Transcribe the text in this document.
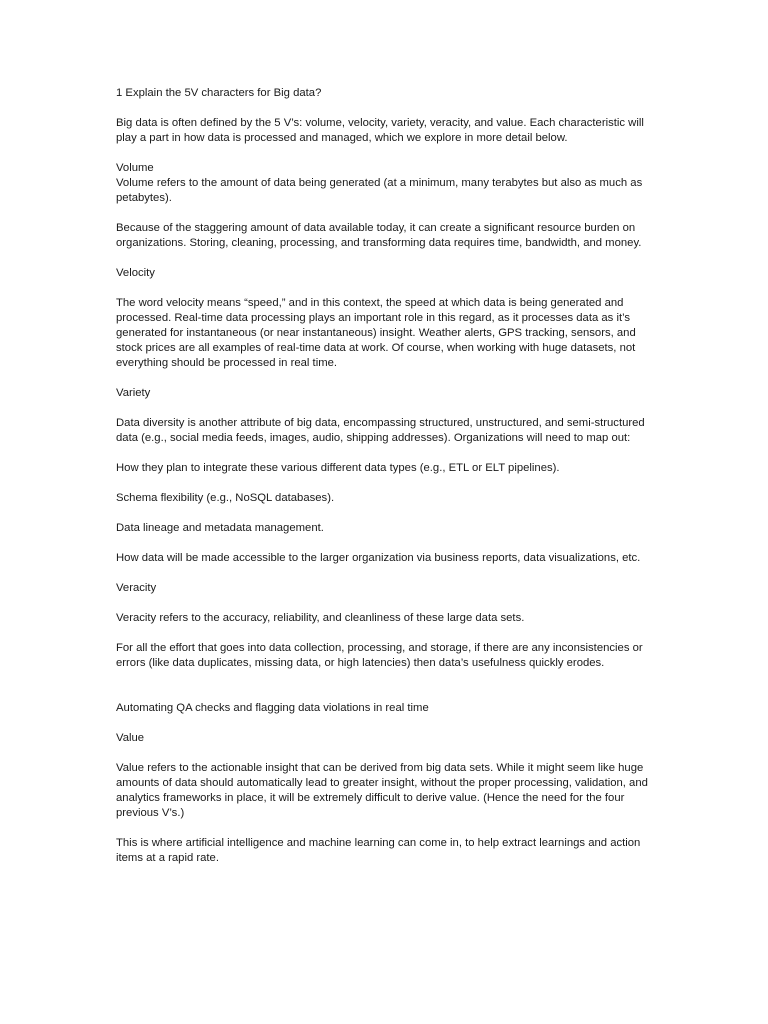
1 Explain the 5V characters for Big data?

Big data is often defined by the 5 V’s: volume, velocity, variety, veracity, and value. Each characteristic will play a part in how data is processed and managed, which we explore in more detail below.

Volume

Volume refers to the amount of data being generated (at a minimum, many terabytes but also as much as petabytes).

Because of the staggering amount of data available today, it can create a significant resource burden on organizations. Storing, cleaning, processing, and transforming data requires time, bandwidth, and money.

Velocity

The word velocity means “speed,” and in this context, the speed at which data is being generated and processed. Real-time data processing plays an important role in this regard, as it processes data as it’s generated for instantaneous (or near instantaneous) insight. Weather alerts, GPS tracking, sensors, and stock prices are all examples of real-time data at work. Of course, when working with huge datasets, not everything should be processed in real time.

Variety

Data diversity is another attribute of big data, encompassing structured, unstructured, and semi-structured data (e.g., social media feeds, images, audio, shipping addresses). Organizations will need to map out:

How they plan to integrate these various different data types (e.g., ETL or ELT pipelines).

Schema flexibility (e.g., NoSQL databases).

Data lineage and metadata management.

How data will be made accessible to the larger organization via business reports, data visualizations, etc.

Veracity

Veracity refers to the accuracy, reliability, and cleanliness of these large data sets.

For all the effort that goes into data collection, processing, and storage, if there are any inconsistencies or errors (like data duplicates, missing data, or high latencies) then data’s usefulness quickly erodes.

Automating QA checks and flagging data violations in real time

Value

Value refers to the actionable insight that can be derived from big data sets. While it might seem like huge amounts of data should automatically lead to greater insight, without the proper processing, validation, and analytics frameworks in place, it will be extremely difficult to derive value. (Hence the need for the four previous V’s.)

This is where artificial intelligence and machine learning can come in, to help extract learnings and action items at a rapid rate.
